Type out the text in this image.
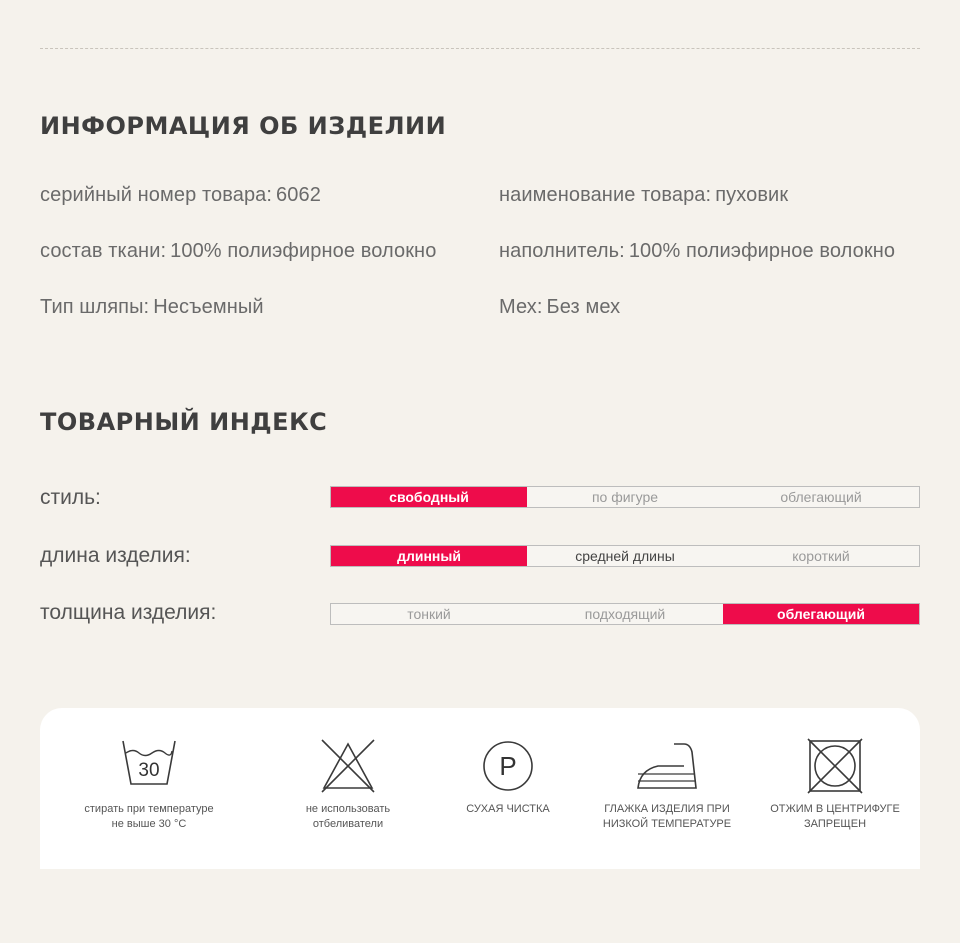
ИНФОРМАЦИЯ ОБ ИЗДЕЛИИ
серийный номер товара: 6062	наименование товара: пуховик
состав ткани: 100% полиэфирное волокно	наполнитель: 100% полиэфирное волокно
Тип шляпы: Несъемный	Мех: Без мех
ТОВАРНЫЙ ИНДЕКС
стиль:	свободный	по фигуре	облегающий
длина изделия:	длинный	средней длины	короткий
толщина изделия:	тонкий	подходящий	облегающий
30
стирать при температуре
не выше 30 °С
не использовать
отбеливатели
P
СУХАЯ ЧИСТКА	ГЛАЖКА ИЗДЕЛИЯ ПРИ
НИЗКОЙ ТЕМПЕРАТУРЕ
ОТЖИМ В ЦЕНТРИФУГЕ
ЗАПРЕЩЕН
